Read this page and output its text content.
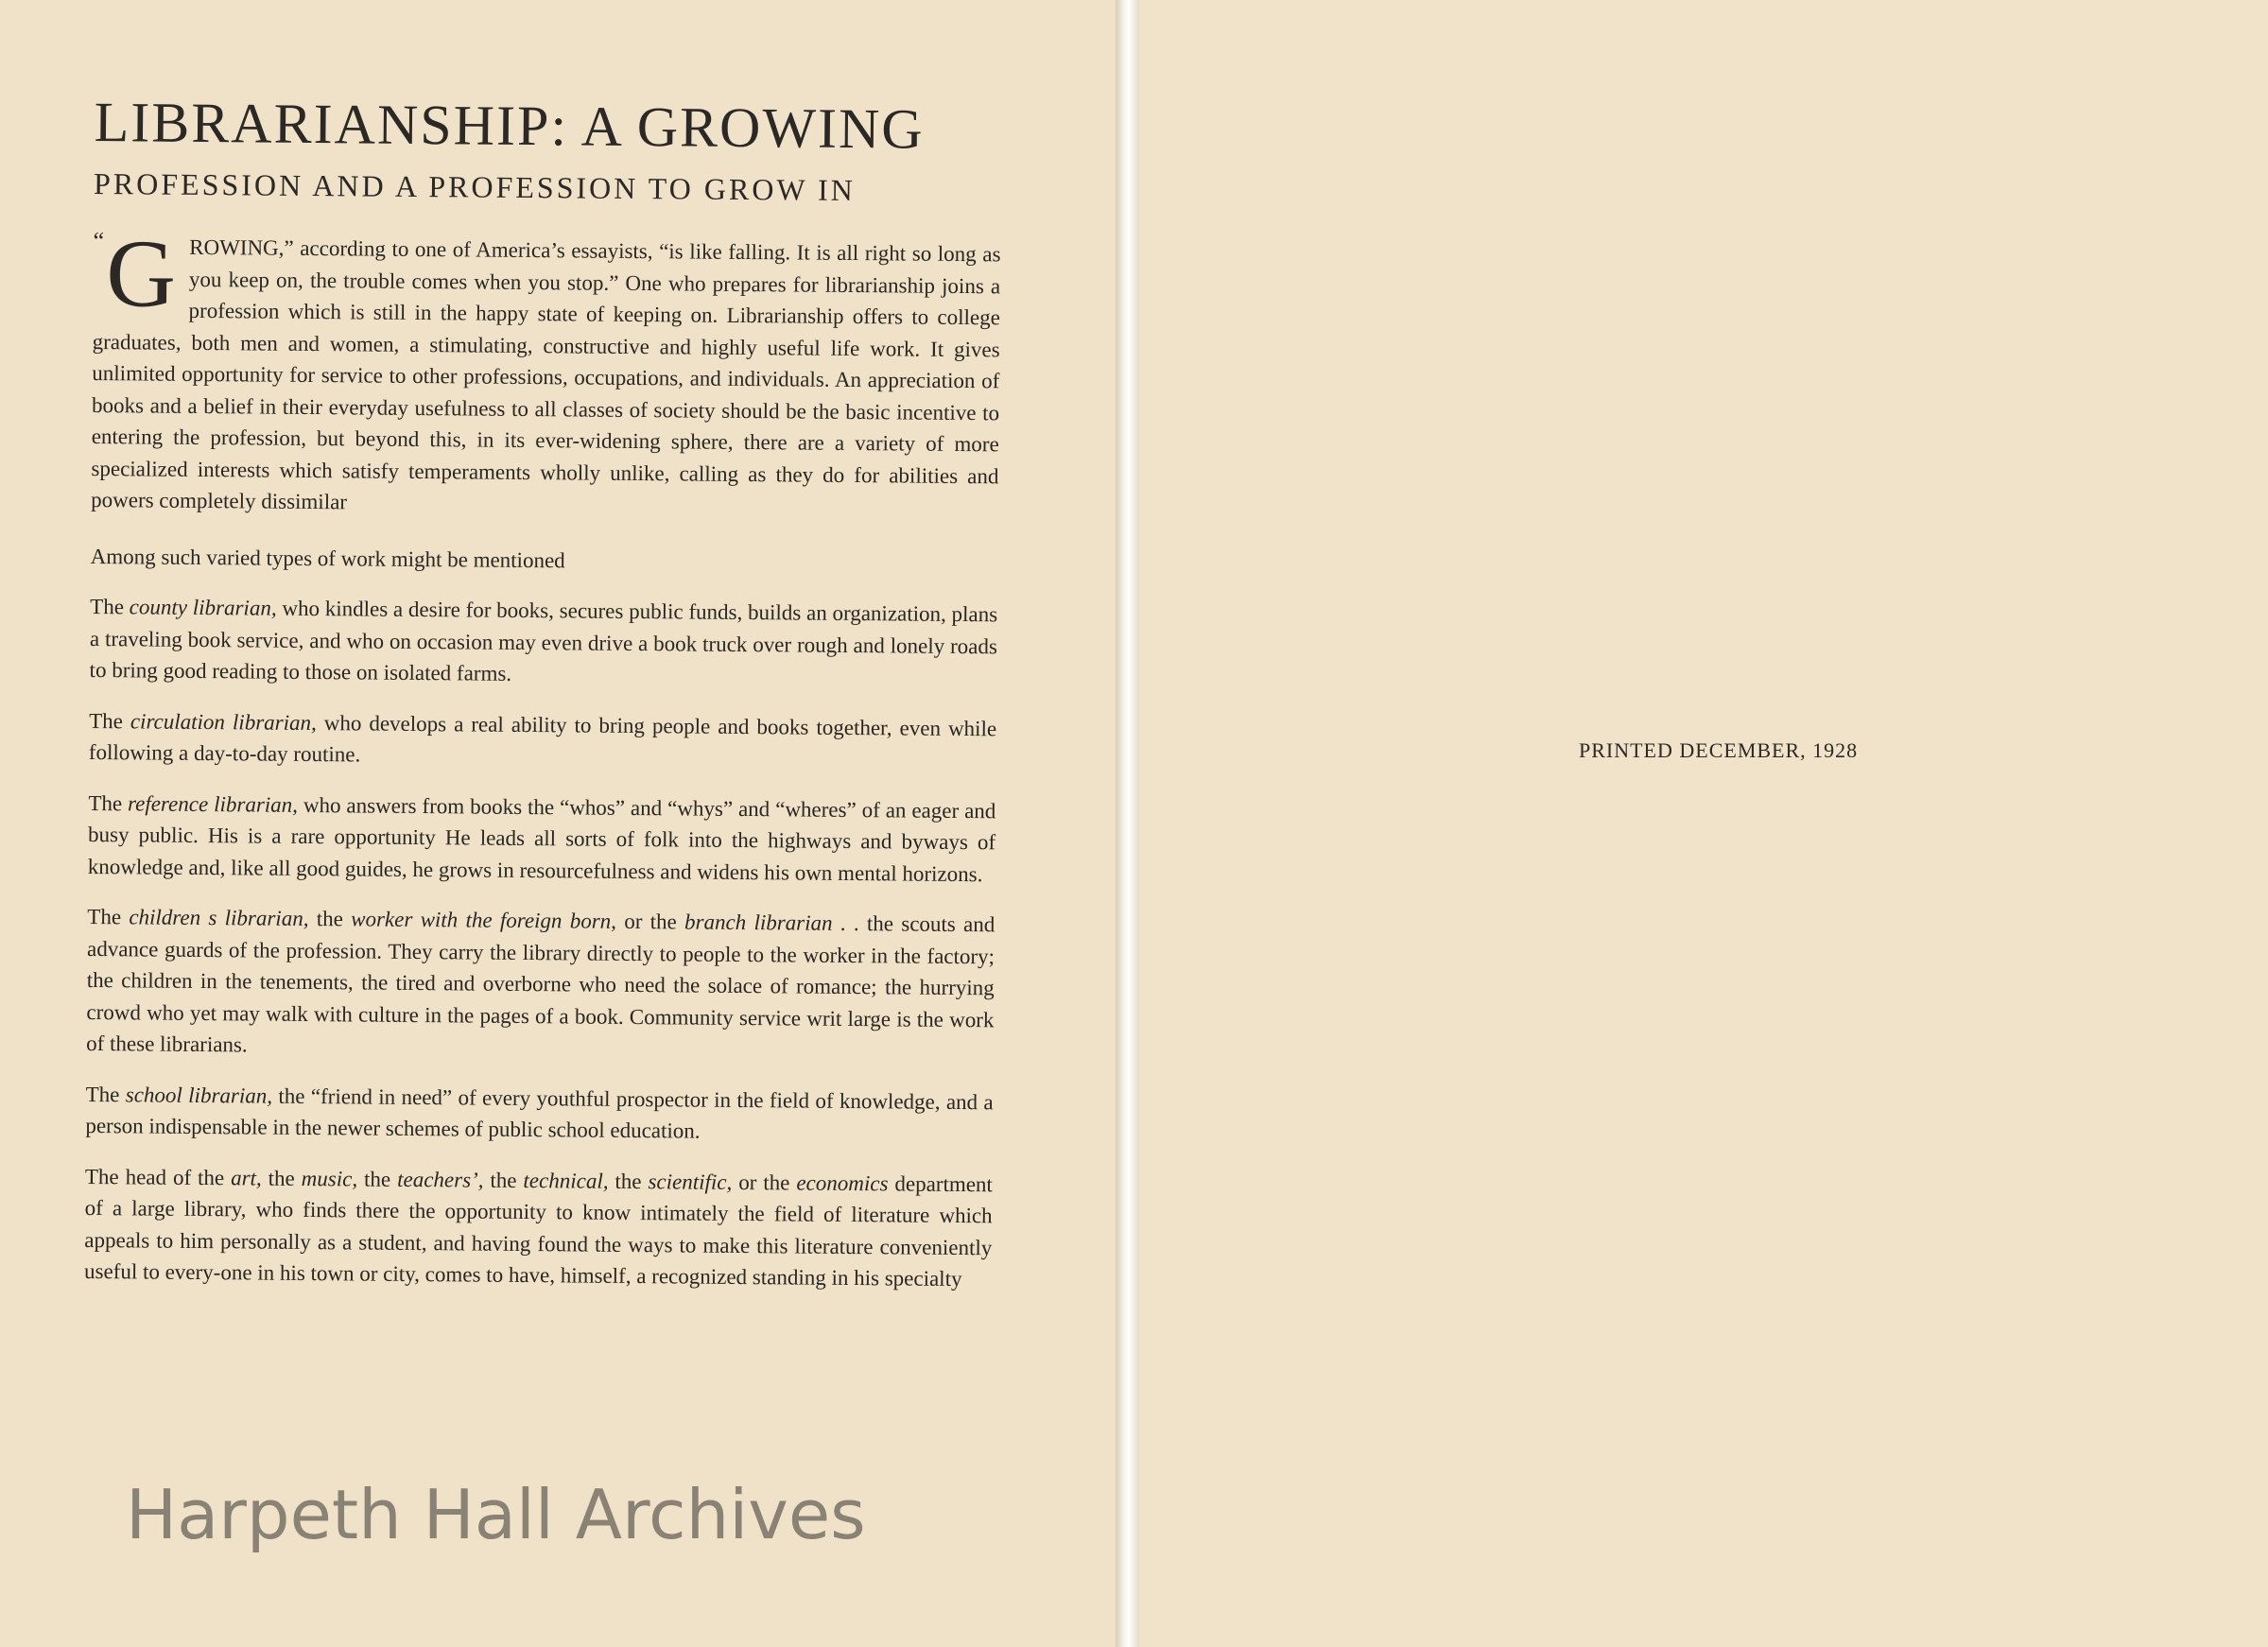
LIBRARIANSHIP: A GROWING
PROFESSION AND A PROFESSION TO GROW IN
“ G ROWING,” according to one of America’s essayists, “is like falling. It is all right so long as you keep on, the trouble comes when you stop.” One who prepares for librarianship joins a profession which is still in the happy state of keeping on. Librarianship offers to college graduates, both men and women, a stimulating, constructive and highly useful life work. It gives unlimited opportunity for service to other professions, occupations, and individuals. An appreciation of books and a belief in their everyday usefulness to all classes of society should be the basic incentive to entering the profession, but beyond this, in its ever-widening sphere, there are a variety of more specialized interests which satisfy temperaments wholly unlike, calling as they do for abilities and powers completely dissimilar

Among such varied types of work might be mentioned

The county librarian, who kindles a desire for books, secures public funds, builds an organization, plans a traveling book service, and who on occasion may even drive a book truck over rough and lonely roads to bring good reading to those on isolated farms.

The circulation librarian, who develops a real ability to bring people and books together, even while following a day-to-day routine.

The reference librarian, who answers from books the “whos” and “whys” and “wheres” of an eager and busy public. His is a rare opportunity He leads all sorts of folk into the highways and byways of knowledge and, like all good guides, he grows in resourcefulness and widens his own mental horizons.

The children s librarian, the worker with the foreign born, or the branch librarian . . the scouts and advance guards of the profession. They carry the library directly to people to the worker in the factory; the children in the tenements, the tired and overborne who need the solace of romance; the hurrying crowd who yet may walk with culture in the pages of a book. Community service writ large is the work of these librarians.

The school librarian, the “friend in need” of every youthful prospector in the field of knowledge, and a person indispensable in the newer schemes of public school education.

The head of the art, the music, the teachers’, the technical, the scientific, or the economics department of a large library, who finds there the opportunity to know intimately the field of literature which appeals to him personally as a student, and having found the ways to make this literature conveniently useful to every-one in his town or city, comes to have, himself, a recognized standing in his specialty

PRINTED DECEMBER, 1928
Harpeth Hall Archives
